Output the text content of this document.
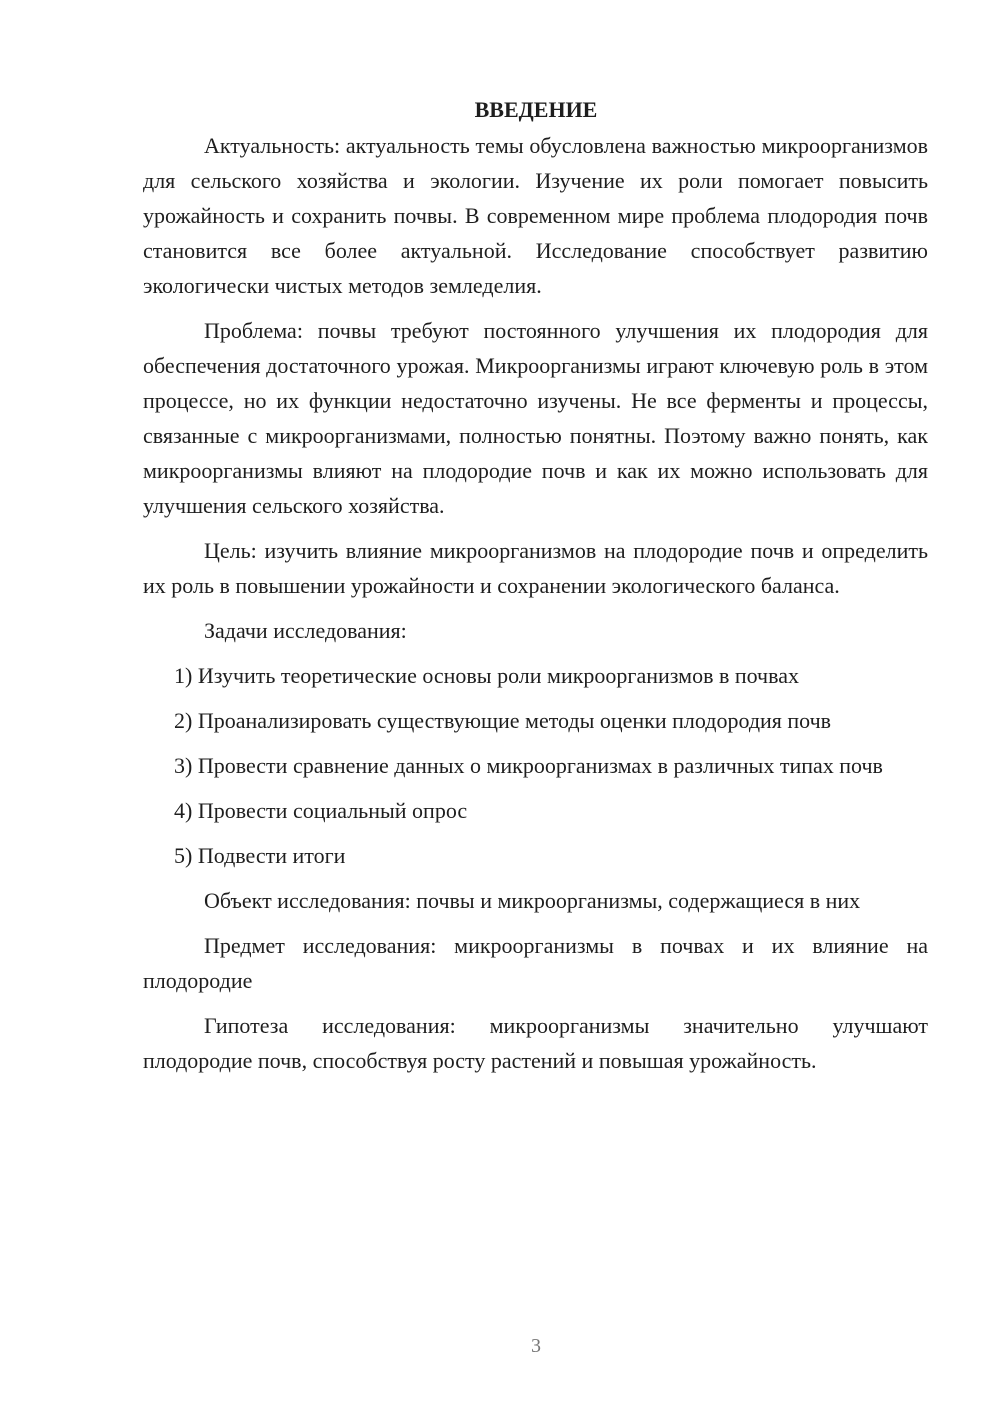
ВВЕДЕНИЕ

Актуальность: актуальность темы обусловлена важностью микроорганизмов для сельского хозяйства и экологии. Изучение их роли помогает повысить урожайность и сохранить почвы. В современном мире проблема плодородия почв становится все более актуальной. Исследование способствует развитию экологически чистых методов земледелия.

Проблема: почвы требуют постоянного улучшения их плодородия для обеспечения достаточного урожая. Микроорганизмы играют ключевую роль в этом процессе, но их функции недостаточно изучены. Не все ферменты и процессы, связанные с микроорганизмами, полностью понятны. Поэтому важно понять, как микроорганизмы влияют на плодородие почв и как их можно использовать для улучшения сельского хозяйства.

Цель: изучить влияние микроорганизмов на плодородие почв и определить их роль в повышении урожайности и сохранении экологического баланса.

Задачи исследования:

1) Изучить теоретические основы роли микроорганизмов в почвах

2) Проанализировать существующие методы оценки плодородия почв

3) Провести сравнение данных о микроорганизмах в различных типах почв

4) Провести социальный опрос

5) Подвести итоги

Объект исследования: почвы и микроорганизмы, содержащиеся в них

Предмет исследования: микроорганизмы в почвах и их влияние на плодородие

Гипотеза исследования: микроорганизмы значительно улучшают плодородие почв, способствуя росту растений и повышая урожайность.

3
